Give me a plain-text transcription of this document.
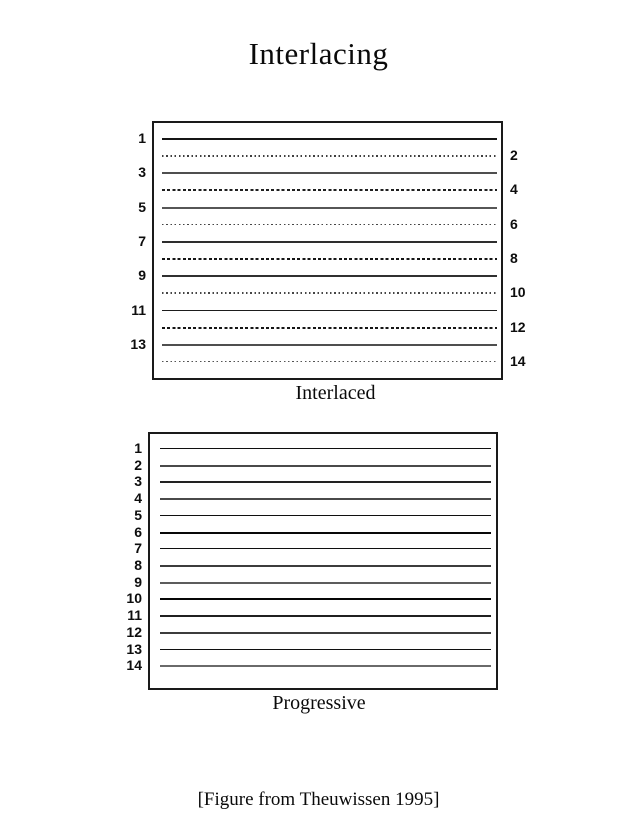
Interlacing
1
2
3
4
5
6
7
8
9
10
11
12
13
14
Interlaced
1
2
3
4
5
6
7
8
9
10
11
12
13
14
Progressive
[Figure from Theuwissen 1995]
